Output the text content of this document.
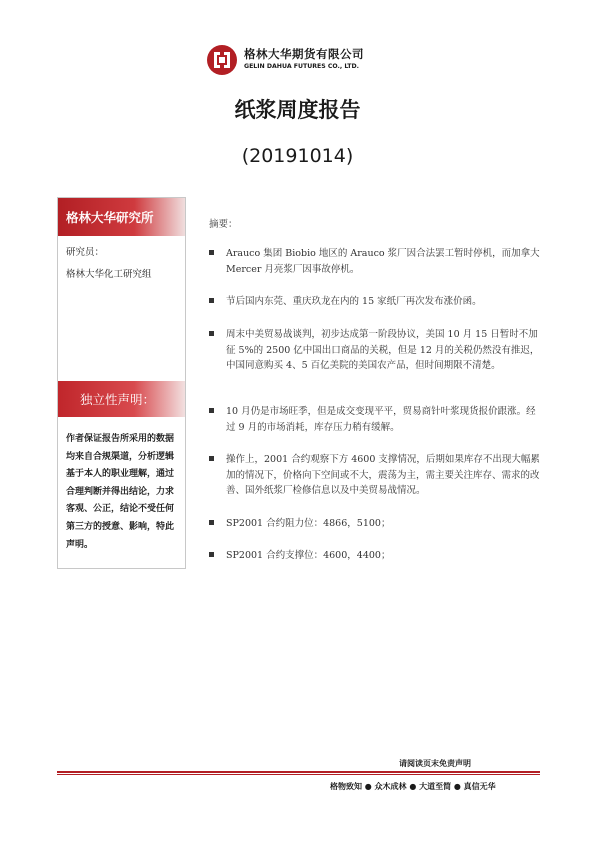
格林大华期货有限公司
GELIN DAHUA FUTURES CO., LTD.
纸浆周度报告
(20191014)
格林大华研究所
研究员：
格林大华化工研究组
独立性声明：
作者保证报告所采用的数据均来自合规渠道，分析逻辑基于本人的职业理解，通过合理判断并得出结论，力求客观、公正，结论不受任何第三方的授意、影响，特此声明。
摘要：
Arauco 集团 Biobio 地区的 Arauco 浆厂因合法罢工暂时停机，而加拿大 Mercer 月亮浆厂因事故停机。
节后国内东莞、重庆玖龙在内的 15 家纸厂再次发布涨价函。
周末中美贸易战谈判，初步达成第一阶段协议，美国 10 月 15 日暂时不加征 5%的 2500 亿中国出口商品的关税，但是 12 月的关税仍然没有推迟，中国同意购买 4、5 百亿美院的美国农产品，但时间期限不清楚。
10 月仍是市场旺季，但是成交变现平平，贸易商针叶浆现货报价跟涨。经过 9 月的市场消耗，库存压力稍有缓解。
操作上，2001 合约观察下方 4600 支撑情况，后期如果库存不出现大幅累加的情况下，价格向下空间或不大，震荡为主，需主要关注库存、需求的改善、国外纸浆厂检修信息以及中美贸易战情况。
SP2001 合约阻力位：4866，5100；
SP2001 合约支撑位：4600，4400；
请阅读页末免责声明
格物致知 ● 众木成林 ● 大道至简 ● 真信无华
